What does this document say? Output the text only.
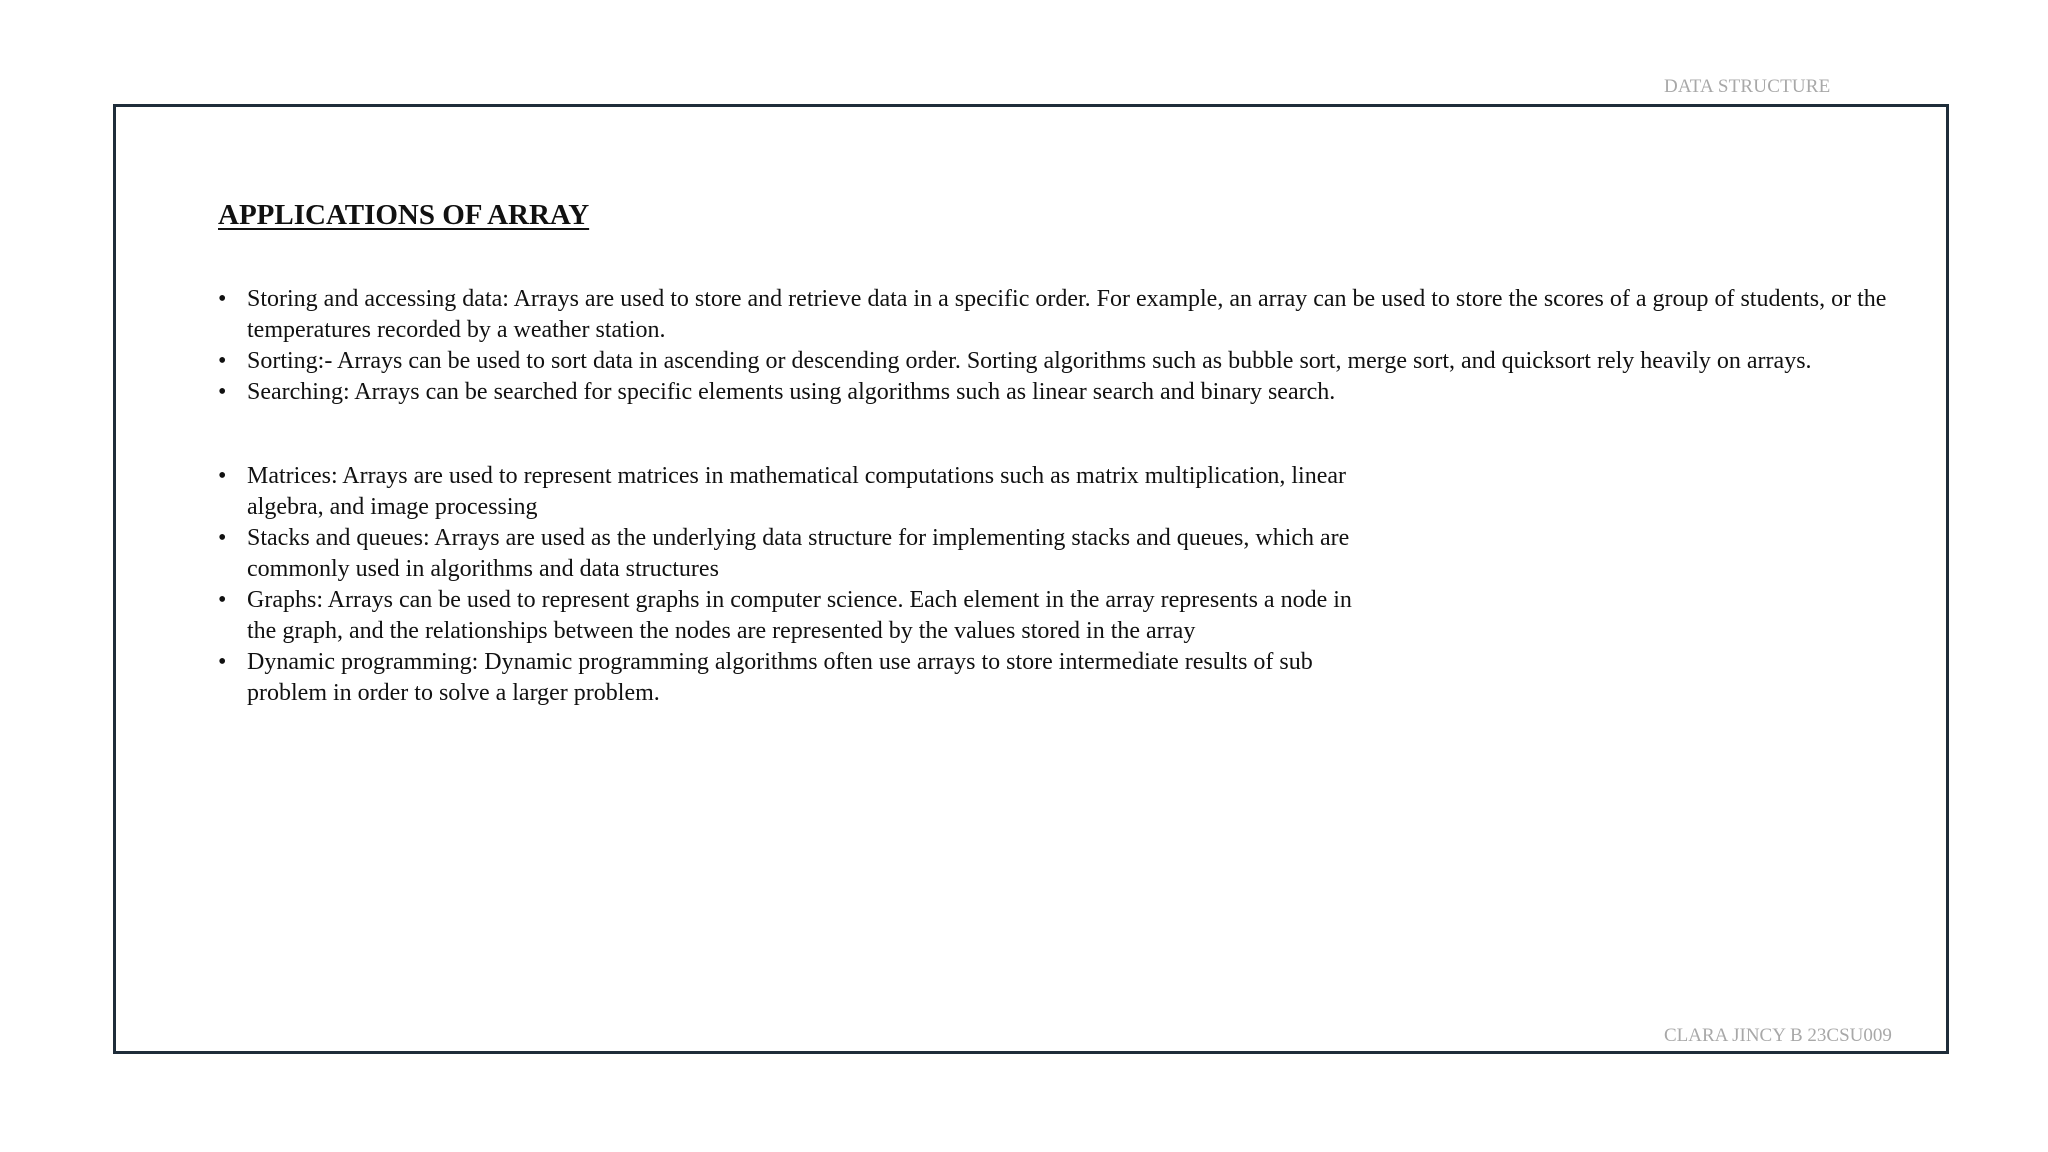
DATA STRUCTURE
APPLICATIONS OF ARRAY
• Storing and accessing data: Arrays are used to store and retrieve data in a specific order. For example, an array can be used to store the scores of a group of students, or the temperatures recorded by a weather station.
• Sorting:- Arrays can be used to sort data in ascending or descending order. Sorting algorithms such as bubble sort, merge sort, and quicksort rely heavily on arrays.
• Searching: Arrays can be searched for specific elements using algorithms such as linear search and binary search.
• Matrices: Arrays are used to represent matrices in mathematical computations such as matrix multiplication, linear algebra, and image processing
• Stacks and queues: Arrays are used as the underlying data structure for implementing stacks and queues, which are commonly used in algorithms and data structures
• Graphs: Arrays can be used to represent graphs in computer science. Each element in the array represents a node in the graph, and the relationships between the nodes are represented by the values stored in the array
• Dynamic programming: Dynamic programming algorithms often use arrays to store intermediate results of sub problem in order to solve a larger problem.
CLARA JINCY B 23CSU009
